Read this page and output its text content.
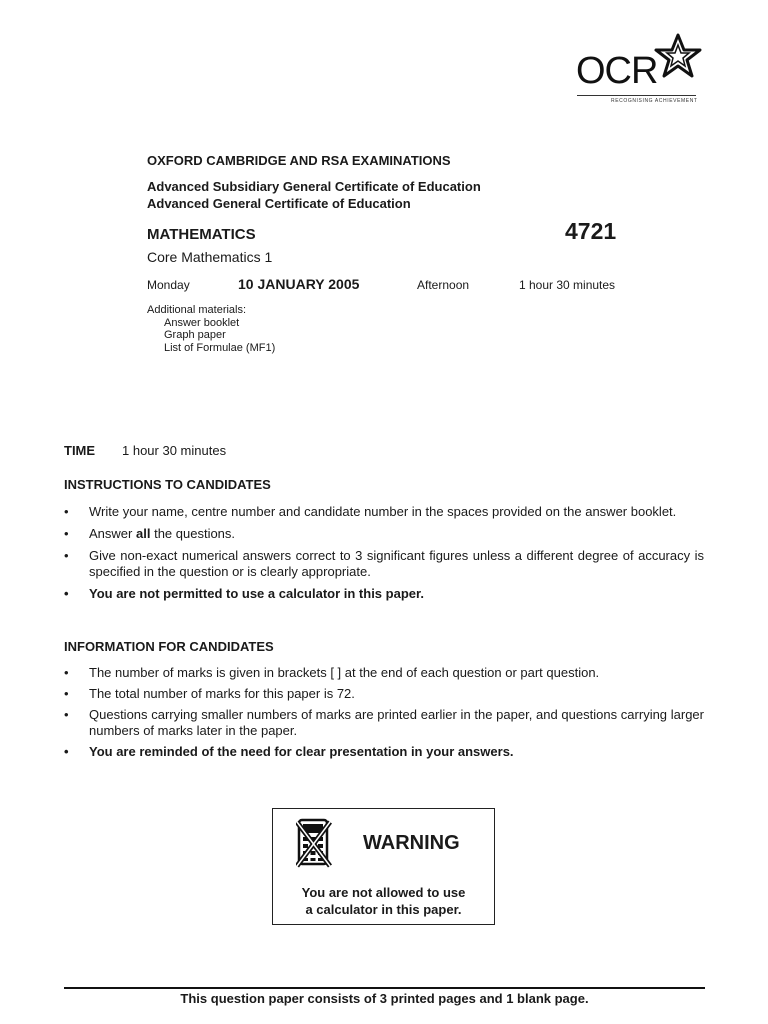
OCR
RECOGNISING ACHIEVEMENT
OXFORD CAMBRIDGE AND RSA EXAMINATIONS
Advanced Subsidiary General Certificate of Education
Advanced General Certificate of Education
MATHEMATICS	4721
Core Mathematics 1
Monday	10 JANUARY 2005	Afternoon	1 hour 30 minutes
Additional materials:
Answer booklet
Graph paper
List of Formulae (MF1)
TIME 1 hour 30 minutes
INSTRUCTIONS TO CANDIDATES
• Write your name, centre number and candidate number in the spaces provided on the answer booklet.
• Answer all the questions.
• Give non-exact numerical answers correct to 3 significant figures unless a different degree of accuracy is specified in the question or is clearly appropriate.
• You are not permitted to use a calculator in this paper.
INFORMATION FOR CANDIDATES
• The number of marks is given in brackets [ ] at the end of each question or part question.
• The total number of marks for this paper is 72.
• Questions carrying smaller numbers of marks are printed earlier in the paper, and questions carrying larger numbers of marks later in the paper.
• You are reminded of the need for clear presentation in your answers.
WARNING
You are not allowed to use
a calculator in this paper.
This question paper consists of 3 printed pages and 1 blank page.
